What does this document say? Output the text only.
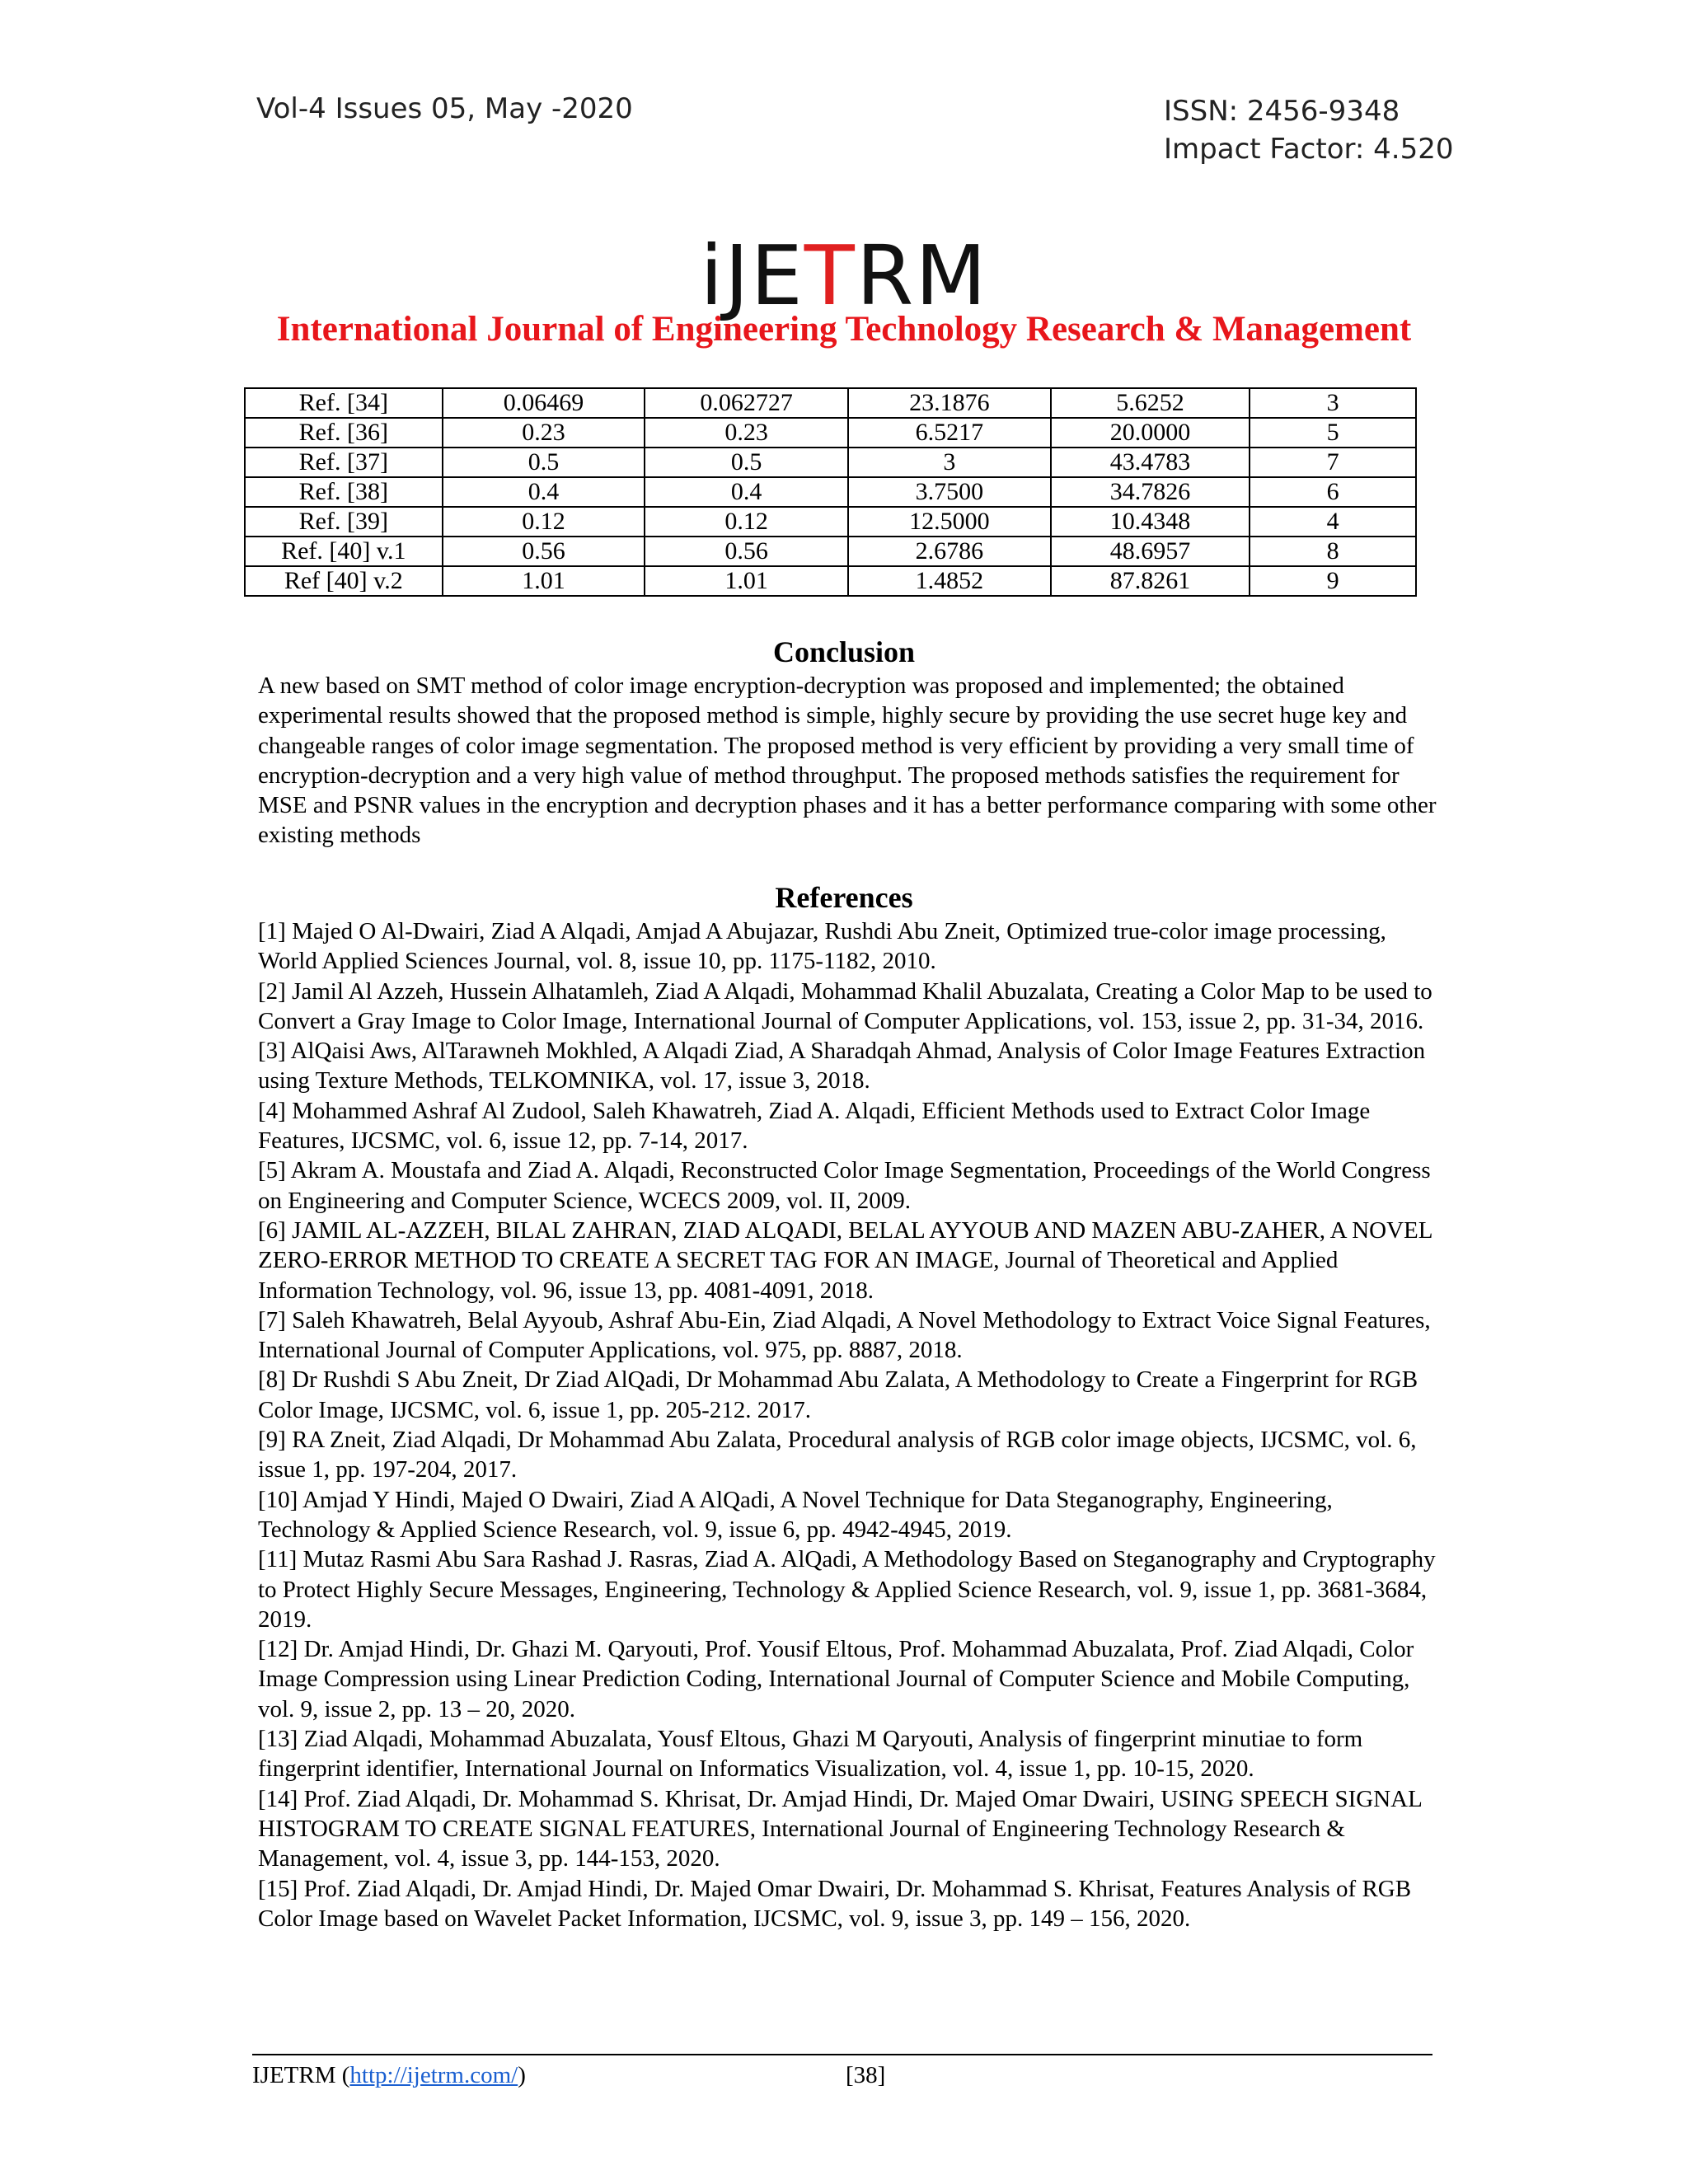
Vol-4 Issues 05, May -2020	ISSN: 2456-9348
Impact Factor: 4.520
iJETRM
International Journal of Engineering Technology Research & Management
Ref. [34]	0.06469	0.062727	23.1876	5.6252	3
Ref. [36]	0.23	0.23	6.5217	20.0000	5
Ref. [37]	0.5	0.5	3	43.4783	7
Ref. [38]	0.4	0.4	3.7500	34.7826	6
Ref. [39]	0.12	0.12	12.5000	10.4348	4
Ref. [40] v.1	0.56	0.56	2.6786	48.6957	8
Ref [40] v.2	1.01	1.01	1.4852	87.8261	9
Conclusion
A new based on SMT method of color image encryption-decryption was proposed and implemented; the obtained experimental results showed that the proposed method is simple, highly secure by providing the use secret huge key and changeable ranges of color image segmentation. The proposed method is very efficient by providing a very small time of encryption-decryption and a very high value of method throughput. The proposed methods satisfies the requirement for MSE and PSNR values in the encryption and decryption phases and it has a better performance comparing with some other existing methods
References

[1] Majed O Al-Dwairi, Ziad A Alqadi, Amjad A Abujazar, Rushdi Abu Zneit, Optimized true-color image processing, World Applied Sciences Journal, vol. 8, issue 10, pp. 1175-1182, 2010.

[2] Jamil Al Azzeh, Hussein Alhatamleh, Ziad A Alqadi, Mohammad Khalil Abuzalata, Creating a Color Map to be used to Convert a Gray Image to Color Image, International Journal of Computer Applications, vol. 153, issue 2, pp. 31-34, 2016.

[3] AlQaisi Aws, AlTarawneh Mokhled, A Alqadi Ziad, A Sharadqah Ahmad, Analysis of Color Image Features Extraction using Texture Methods, TELKOMNIKA, vol. 17, issue 3, 2018.

[4] Mohammed Ashraf Al Zudool, Saleh Khawatreh, Ziad A. Alqadi, Efficient Methods used to Extract Color Image Features, IJCSMC, vol. 6, issue 12, pp. 7-14, 2017.

[5] Akram A. Moustafa and Ziad A. Alqadi, Reconstructed Color Image Segmentation, Proceedings of the World Congress on Engineering and Computer Science, WCECS 2009, vol. II, 2009.

[6] JAMIL AL-AZZEH, BILAL ZAHRAN, ZIAD ALQADI, BELAL AYYOUB AND MAZEN ABU-ZAHER, A NOVEL ZERO-ERROR METHOD TO CREATE A SECRET TAG FOR AN IMAGE, Journal of Theoretical and Applied Information Technology, vol. 96, issue 13, pp. 4081-4091, 2018.

[7] Saleh Khawatreh, Belal Ayyoub, Ashraf Abu-Ein, Ziad Alqadi, A Novel Methodology to Extract Voice Signal Features, International Journal of Computer Applications, vol. 975, pp. 8887, 2018.

[8] Dr Rushdi S Abu Zneit, Dr Ziad AlQadi, Dr Mohammad Abu Zalata, A Methodology to Create a Fingerprint for RGB Color Image, IJCSMC, vol. 6, issue 1, pp. 205-212. 2017.

[9] RA Zneit, Ziad Alqadi, Dr Mohammad Abu Zalata, Procedural analysis of RGB color image objects, IJCSMC, vol. 6, issue 1, pp. 197-204, 2017.

[10] Amjad Y Hindi, Majed O Dwairi, Ziad A AlQadi, A Novel Technique for Data Steganography, Engineering, Technology & Applied Science Research, vol. 9, issue 6, pp. 4942-4945, 2019.

[11] Mutaz Rasmi Abu Sara Rashad J. Rasras, Ziad A. AlQadi, A Methodology Based on Steganography and Cryptography to Protect Highly Secure Messages, Engineering, Technology & Applied Science Research, vol. 9, issue 1, pp. 3681-3684, 2019.

[12] Dr. Amjad Hindi, Dr. Ghazi M. Qaryouti, Prof. Yousif Eltous, Prof. Mohammad Abuzalata, Prof. Ziad Alqadi, Color Image Compression using Linear Prediction Coding, International Journal of Computer Science and Mobile Computing, vol. 9, issue 2, pp. 13 – 20, 2020.

[13] Ziad Alqadi, Mohammad Abuzalata, Yousf Eltous, Ghazi M Qaryouti, Analysis of fingerprint minutiae to form fingerprint identifier, International Journal on Informatics Visualization, vol. 4, issue 1, pp. 10-15, 2020.

[14] Prof. Ziad Alqadi, Dr. Mohammad S. Khrisat, Dr. Amjad Hindi, Dr. Majed Omar Dwairi, USING SPEECH SIGNAL HISTOGRAM TO CREATE SIGNAL FEATURES, International Journal of Engineering Technology Research & Management, vol. 4, issue 3, pp. 144-153, 2020.

[15] Prof. Ziad Alqadi, Dr. Amjad Hindi, Dr. Majed Omar Dwairi, Dr. Mohammad S. Khrisat, Features Analysis of RGB Color Image based on Wavelet Packet Information, IJCSMC, vol. 9, issue 3, pp. 149 – 156, 2020.

IJETRM (http://ijetrm.com/)	[38]
